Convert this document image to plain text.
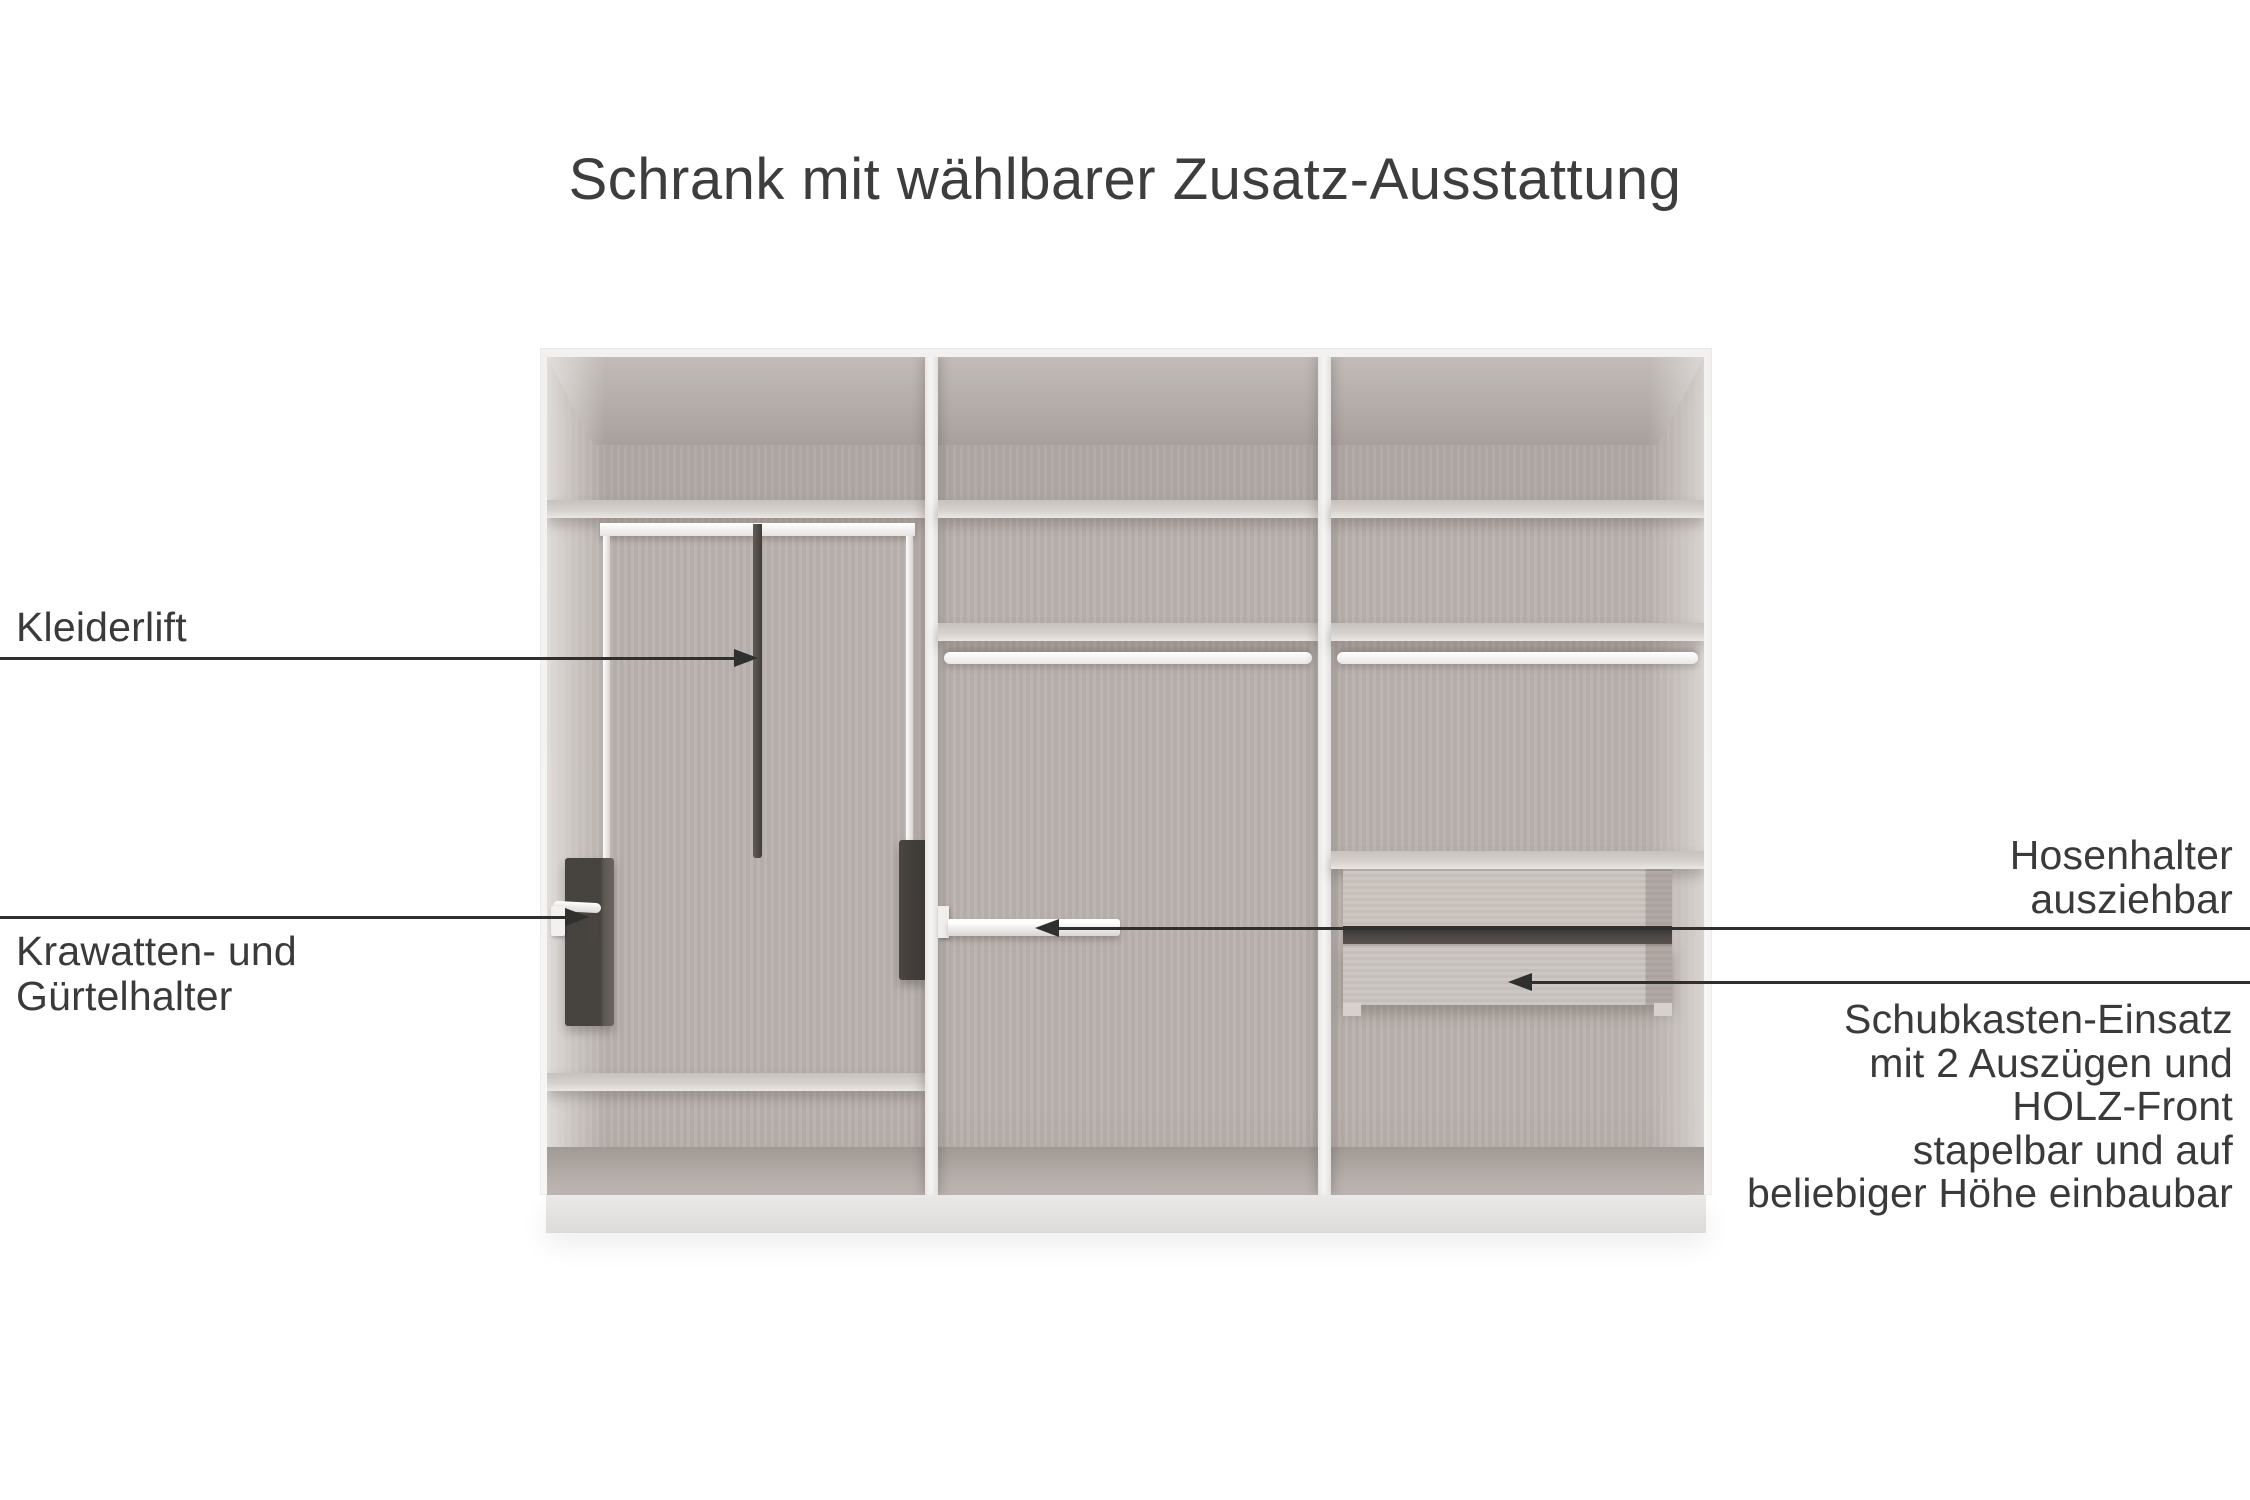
Schrank mit wählbarer Zusatz-Ausstattung
Kleiderlift
Krawatten- und
Gürtelhalter
Hosenhalter
ausziehbar
Schubkasten-Einsatz
mit 2 Auszügen und
HOLZ-Front
stapelbar und auf
beliebiger Höhe einbaubar
